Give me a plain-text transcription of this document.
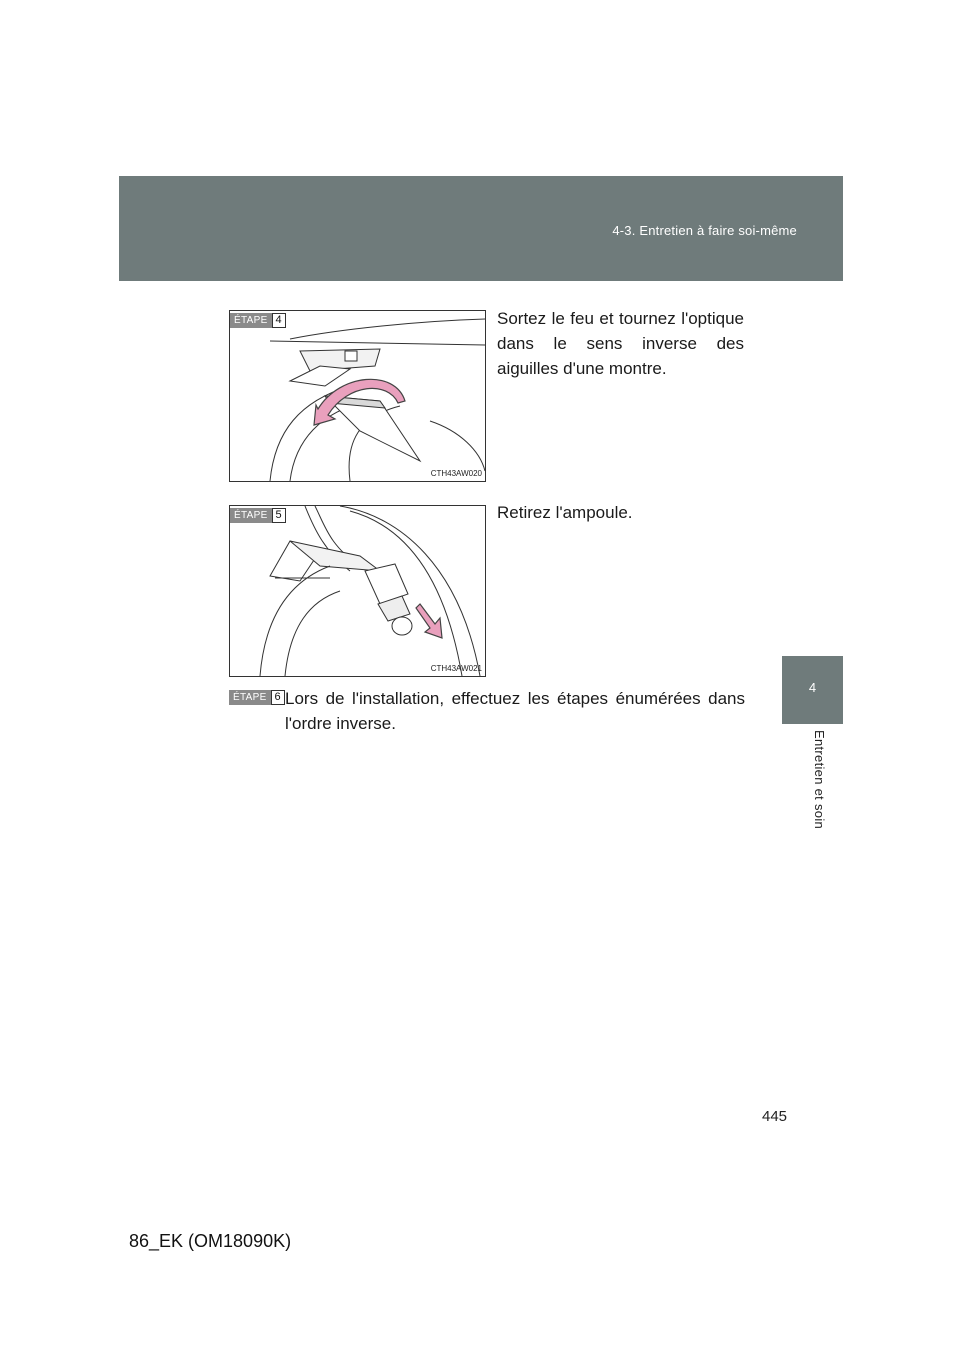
4-3. Entretien à faire soi-même
4
Entretien et soin
ÉTAPE 4
CTH43AW020
Sortez le feu et tournez l'optique dans le sens inverse des aiguilles d'une montre.
ÉTAPE 5
CTH43AW021
Retirez l'ampoule.
ÉTAPE 6 Lors de l'installation, effectuez les étapes énumérées dans l'ordre inverse.
445
86_EK (OM18090K)
